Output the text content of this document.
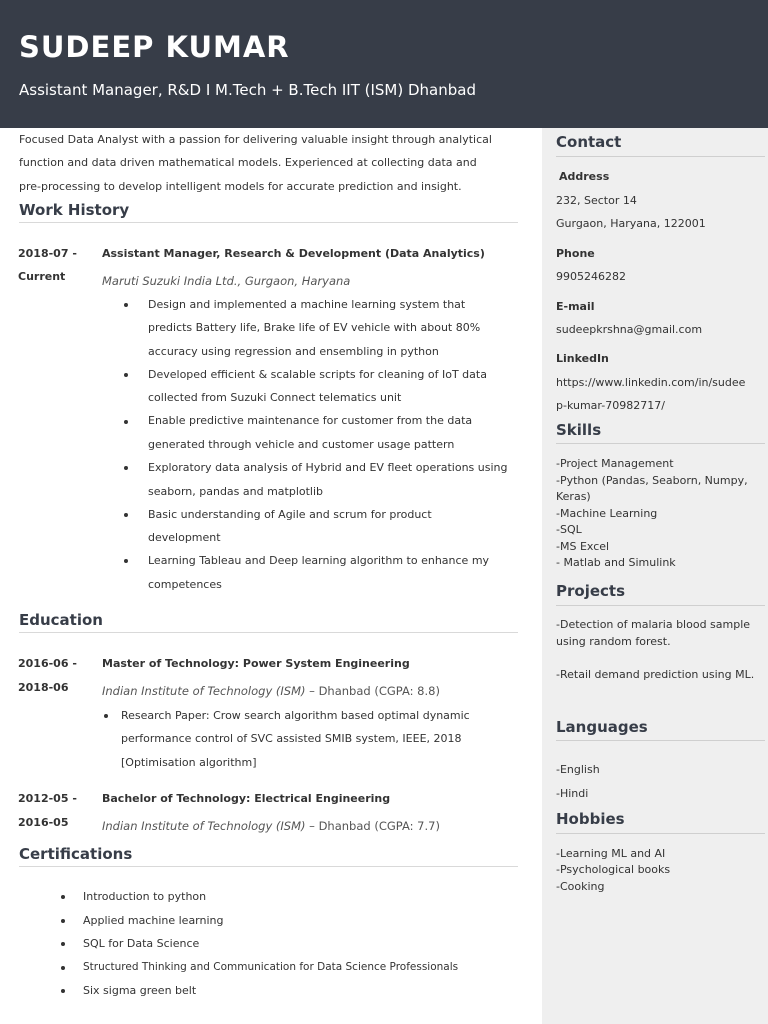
SUDEEP KUMAR
Assistant Manager, R&D I M.Tech + B.Tech IIT (ISM) Dhanbad
Focused Data Analyst with a passion for delivering valuable insight through analytical
function and data driven mathematical models. Experienced at collecting data and
pre-processing to develop intelligent models for accurate prediction and insight.
Work History
2018-07 -
Current
Assistant Manager, Research & Development (Data Analytics)
Maruti Suzuki India Ltd., Gurgaon, Haryana
Design and implemented a machine learning system that
predicts Battery life, Brake life of EV vehicle with about 80%
accuracy using regression and ensembling in python
Developed efficient & scalable scripts for cleaning of IoT data
collected from Suzuki Connect telematics unit
Enable predictive maintenance for customer from the data
generated through vehicle and customer usage pattern
Exploratory data analysis of Hybrid and EV fleet operations using
seaborn, pandas and matplotlib
Basic understanding of Agile and scrum for product
development
Learning Tableau and Deep learning algorithm to enhance my
competences
Education
2016-06 -
2018-06
Master of Technology: Power System Engineering
Indian Institute of Technology (ISM) – Dhanbad (CGPA: 8.8)
Research Paper: Crow search algorithm based optimal dynamic
performance control of SVC assisted SMIB system, IEEE, 2018
[Optimisation algorithm]
2012-05 -
2016-05
Bachelor of Technology: Electrical Engineering
Indian Institute of Technology (ISM) – Dhanbad (CGPA: 7.7)
Certifications
Introduction to python
Applied machine learning
SQL for Data Science
Structured Thinking and Communication for Data Science Professionals
Six sigma green belt
Contact
Address
232, Sector 14
Gurgaon, Haryana, 122001
Phone
9905246282
E-mail
sudeepkrshna@gmail.com
LinkedIn
https://www.linkedin.com/in/sudee
p-kumar-70982717/
Skills
-Project Management
-Python (Pandas, Seaborn, Numpy,
Keras)
-Machine Learning
-SQL
-MS Excel
- Matlab and Simulink
Projects
-Detection of malaria blood sample
using random forest.
-Retail demand prediction using ML.
Languages
-English
-Hindi
Hobbies
-Learning ML and AI
-Psychological books
-Cooking
